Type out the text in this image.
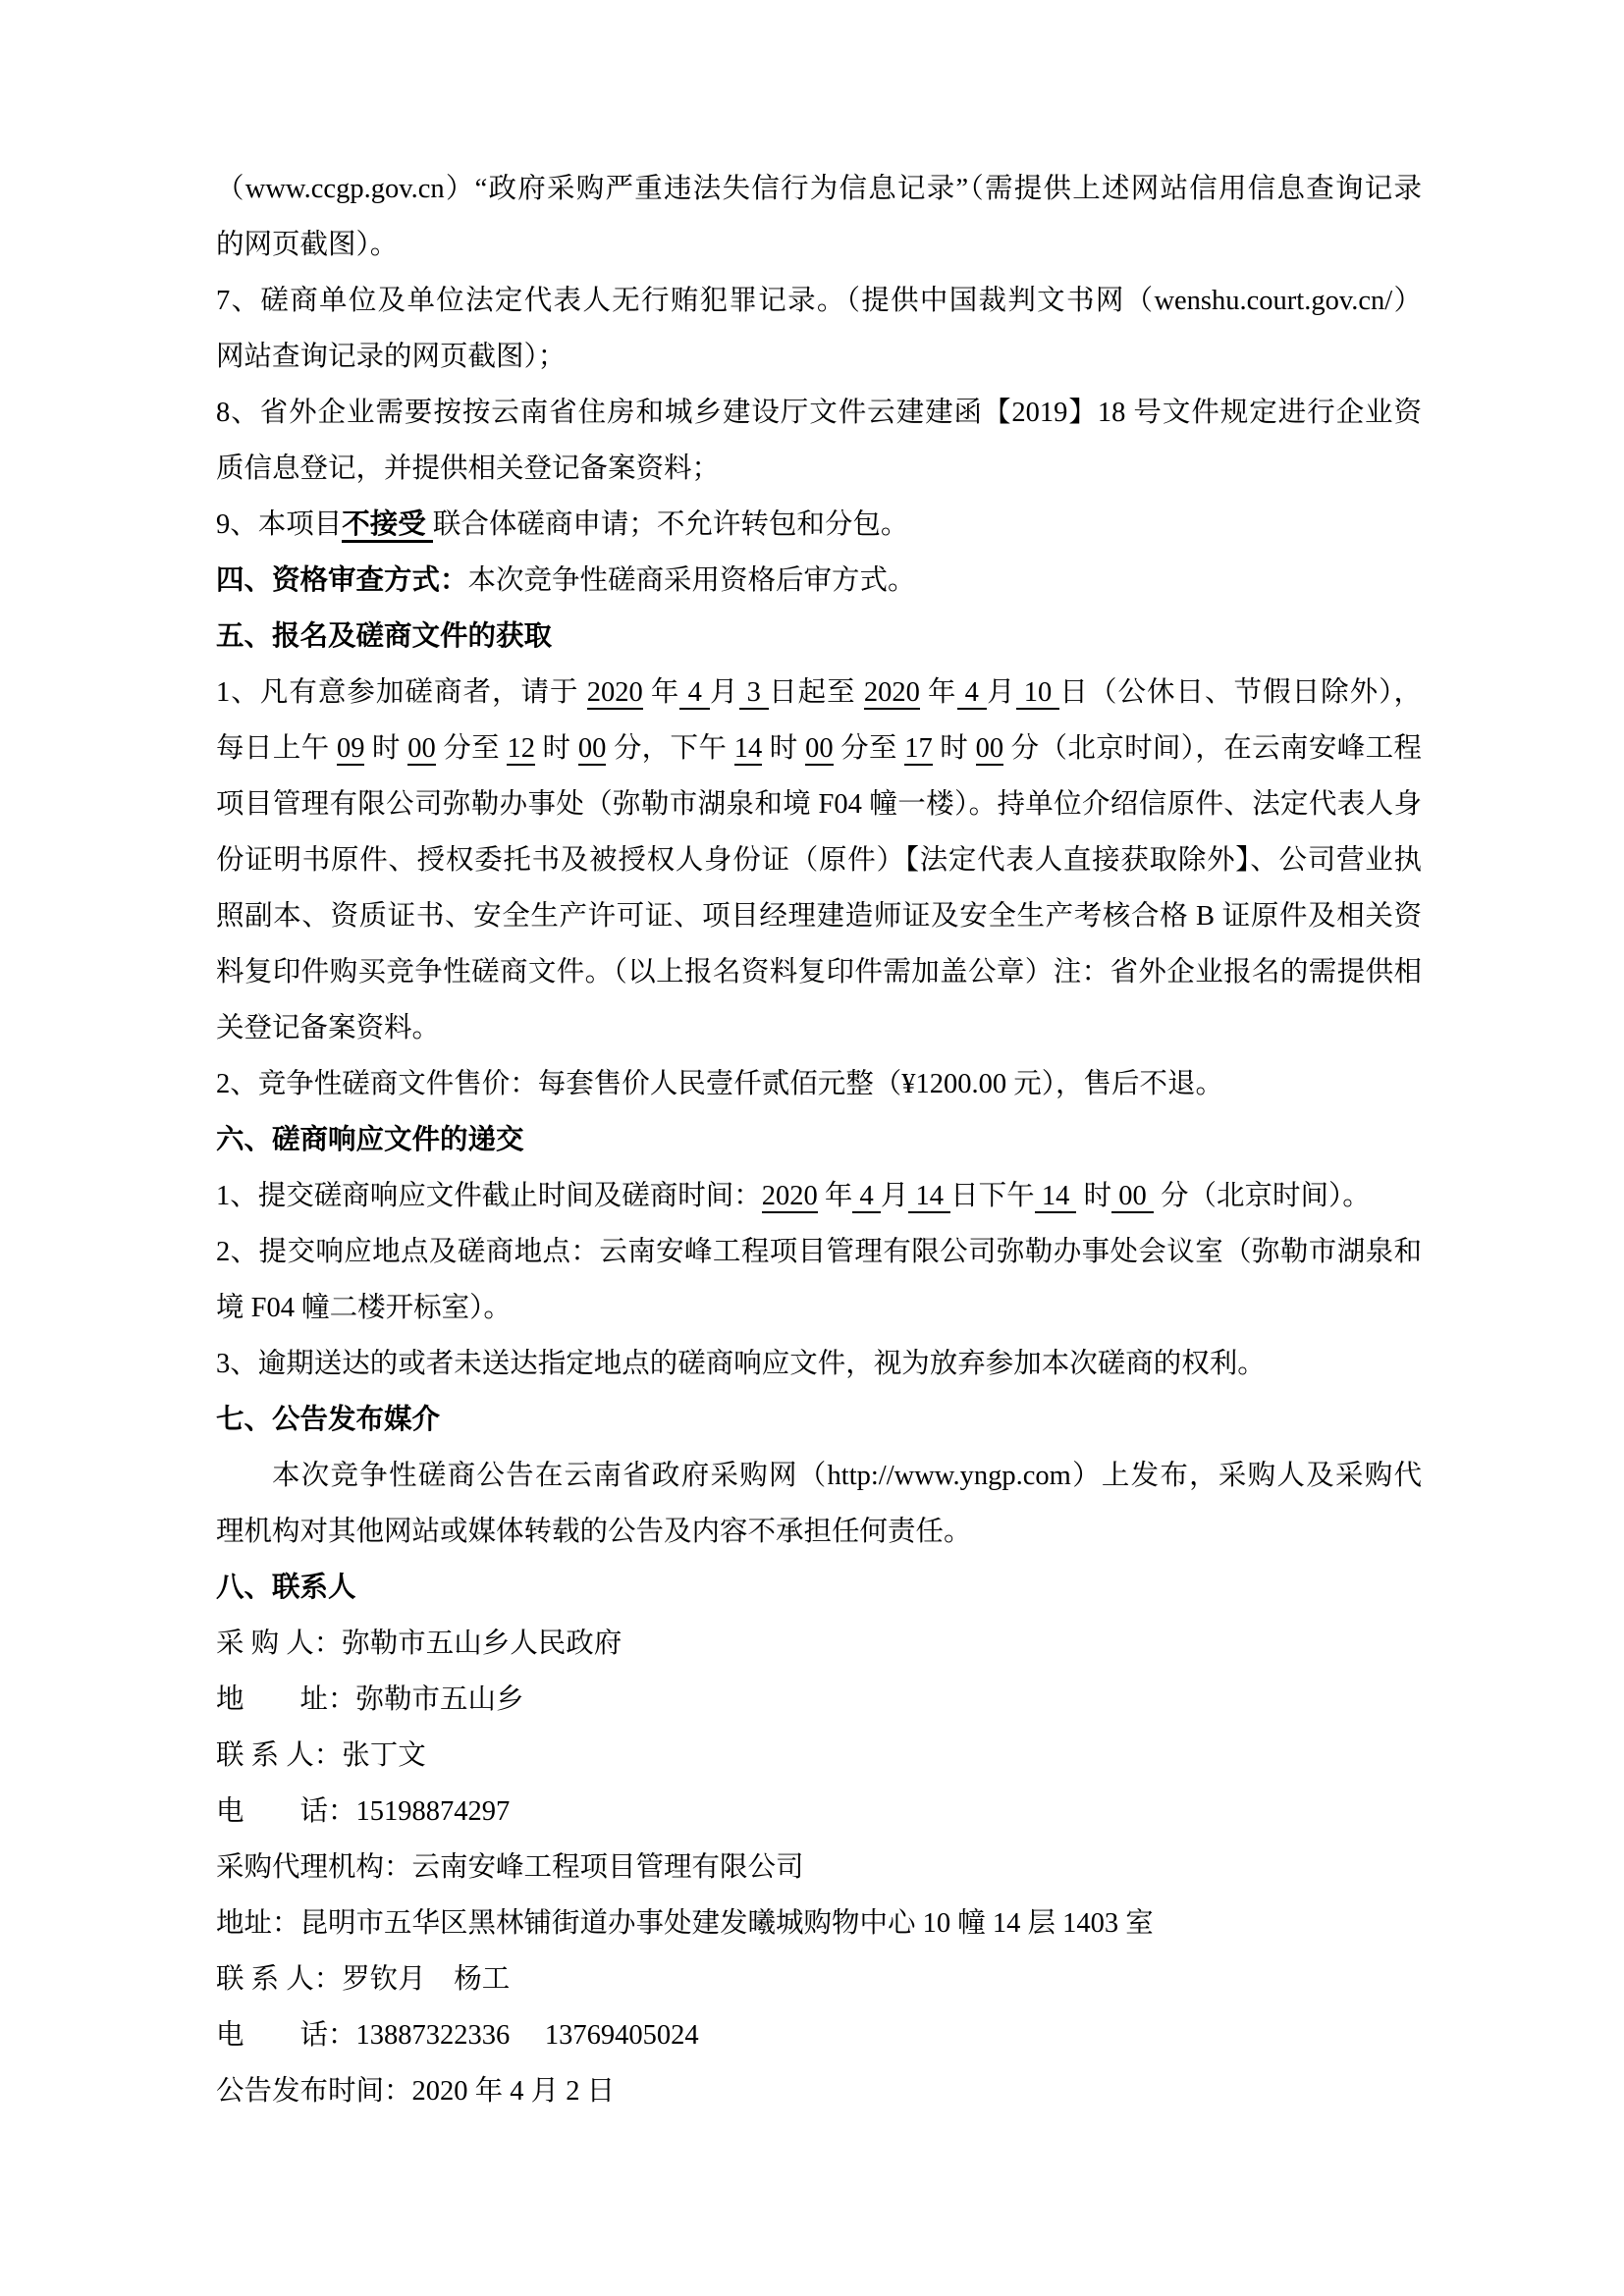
（www.ccgp.gov.cn）“政府采购严重违法失信行为信息记录”（需提供上述网站信用信息查询记录
的网页截图）。
7、磋商单位及单位法定代表人无行贿犯罪记录。（提供中国裁判文书网（wenshu.court.gov.cn/）
网站查询记录的网页截图）；
8、省外企业需要按按云南省住房和城乡建设厅文件云建建函【2019】18 号文件规定进行企业资
质信息登记，并提供相关登记备案资料；
9、本项目不接受 联合体磋商申请；不允许转包和分包。
四、资格审查方式：本次竞争性磋商采用资格后审方式。
五、报名及磋商文件的获取
1、凡有意参加磋商者，请于 2020 年 4 月 3 日起至 2020 年 4 月 10 日（公休日、节假日除外），
每日上午 09 时 00 分至 12 时 00 分，下午 14 时 00 分至 17 时 00 分（北京时间），在云南安峰工程
项目管理有限公司弥勒办事处（弥勒市湖泉和境 F04 幢一楼）。持单位介绍信原件、法定代表人身
份证明书原件、授权委托书及被授权人身份证（原件）【法定代表人直接获取除外】、公司营业执
照副本、资质证书、安全生产许可证、项目经理建造师证及安全生产考核合格 B 证原件及相关资
料复印件购买竞争性磋商文件。（以上报名资料复印件需加盖公章）注：省外企业报名的需提供相
关登记备案资料。
2、竞争性磋商文件售价：每套售价人民壹仟贰佰元整（¥1200.00 元），售后不退。
六、磋商响应文件的递交
1、提交磋商响应文件截止时间及磋商时间：2020 年 4 月 14 日下午 14  时 00  分（北京时间）。
2、提交响应地点及磋商地点：云南安峰工程项目管理有限公司弥勒办事处会议室（弥勒市湖泉和
境 F04 幢二楼开标室）。
3、逾期送达的或者未送达指定地点的磋商响应文件，视为放弃参加本次磋商的权利。
七、公告发布媒介
本次竞争性磋商公告在云南省政府采购网（http://www.yngp.com）上发布，采购人及采购代
理机构对其他网站或媒体转载的公告及内容不承担任何责任。
八、联系人
采 购 人：弥勒市五山乡人民政府
地　　址：弥勒市五山乡
联 系 人：张丁文
电　　话：15198874297
采购代理机构：云南安峰工程项目管理有限公司
地址：昆明市五华区黑林铺街道办事处建发曦城购物中心 10 幢 14 层 1403 室
联 系 人：罗钦月　杨工
电　　话：13887322336　 13769405024
公告发布时间：2020 年 4 月 2 日
